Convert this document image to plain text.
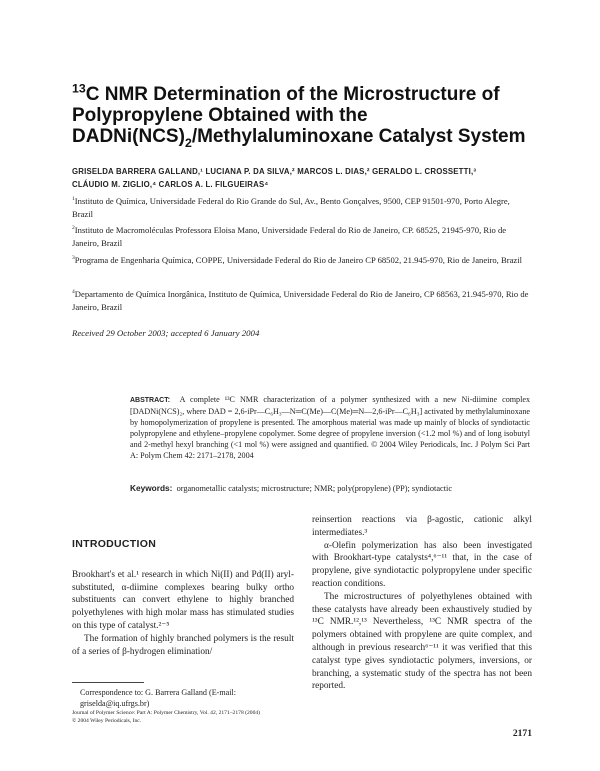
$^{13}$C NMR Determination of the Microstructure of
Polypropylene Obtained with the
$DADNi(NCS)_2$/Methylaluminoxane Catalyst System
GRISELDA BARRERA GALLAND,¹ LUCIANA P. DA SILVA,² MARCOS L. DIAS,² GERALDO L. CROSSETTI,³
CLÁUDIO M. ZIGLIO,⁴ CARLOS A. L. FILGUEIRAS⁴

$^1$Instituto de Química, Universidade Federal do Rio Grande do Sul, Av., Bento Gonçalves, 9500, CEP 91501-970, Porto Alegre, Brazil

$^2$Instituto de Macromoléculas Professora Eloisa Mano, Universidade Federal do Rio de Janeiro, CP. 68525, 21945-970, Rio de Janeiro, Brazil

$^3$Programa de Engenharia Química, COPPE, Universidade Federal do Rio de Janeiro CP 68502, 21.945-970, Rio de Janeiro, Brazil

$^4$Departamento de Química Inorgânica, Instituto de Química, Universidade Federal do Rio de Janeiro, CP 68563, 21.945-970, Rio de Janeiro, Brazil

Received 29 October 2003; accepted 6 January 2004

ABSTRACT: A complete ¹³C NMR characterization of a polymer synthesized with a new Ni-diimine complex [DADNi(NCS)₂, where DAD = 2,6-iPr—C₆H₃—N═C(Me)—C(Me)═N—2,6-iPr—C₆H₃] activated by methylaluminoxane by homopolymerization of propylene is presented. The amorphous material was made up mainly of blocks of syndiotactic polypropylene and ethylene–propylene copolymer. Some degree of propylene inversion (<1.2 mol %) and of long isobutyl and 2-methyl hexyl branching (<1 mol %) were assigned and quantified. © 2004 Wiley Periodicals, Inc. J Polym Sci Part A: Polym Chem 42: 2171–2178, 2004

Keywords: organometallic catalysts; microstructure; NMR; poly(propylene) (PP); syndiotactic

INTRODUCTION

Brookhart's et al.¹ research in which Ni(II) and Pd(II) aryl-substituted, α-diimine complexes bearing bulky ortho substituents can convert ethylene to highly branched polyethylenes with high molar mass has stimulated studies on this type of catalyst.²⁻⁵

The formation of highly branched polymers is the result of a series of β-hydrogen elimination/

reinsertion reactions via β-agostic, cationic alkyl intermediates.³

α-Olefin polymerization has also been investigated with Brookhart-type catalysts⁴,⁶⁻¹¹ that, in the case of propylene, give syndiotactic polypropylene under specific reaction conditions.

The microstructures of polyethylenes obtained with these catalysts have already been exhaustively studied by ¹³C NMR.¹²,¹³ Nevertheless, ¹³C NMR spectra of the polymers obtained with propylene are quite complex, and although in previous research⁶⁻¹¹ it was verified that this catalyst type gives syndiotactic polymers, inversions, or branching, a systematic study of the spectra has not been reported.

Correspondence to: G. Barrera Galland (E-mail: griselda@iq.ufrgs.br)

Journal of Polymer Science: Part A: Polymer Chemistry, Vol. 42, 2171–2178 (2004)
© 2004 Wiley Periodicals, Inc.

2171
